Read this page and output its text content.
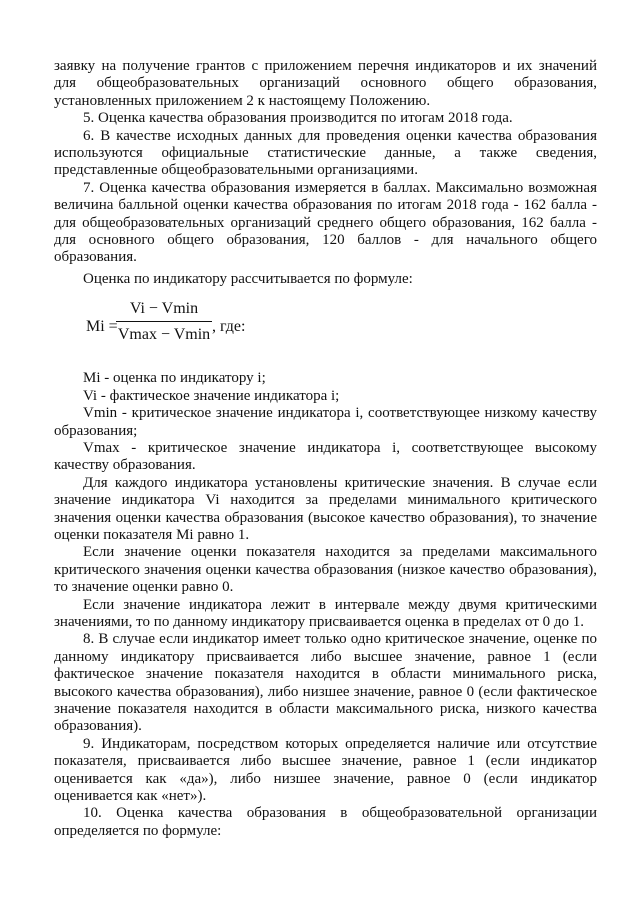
заявку на получение грантов с приложением перечня индикаторов и их значений для общеобразовательных организаций основного общего образования, установленных приложением 2 к настоящему Положению.

5. Оценка качества образования производится по итогам 2018 года.

6. В качестве исходных данных для проведения оценки качества образования используются официальные статистические данные, а также сведения, представленные общеобразовательными организациями.

7. Оценка качества образования измеряется в баллах. Максимально возможная величина балльной оценки качества образования по итогам 2018 года - 162 балла - для общеобразовательных организаций среднего общего образования, 162 балла - для основного общего образования, 120 баллов - для начального общего образования.

Оценка по индикатору рассчитывается по формуле:

Mi =
Vi − Vmin
Vmax − Vmin , где:

Mi - оценка по индикатору i;

Vi - фактическое значение индикатора i;

Vmin - критическое значение индикатора i, соответствующее низкому качеству образования;

Vmax - критическое значение индикатора i, соответствующее высокому качеству образования.

Для каждого индикатора установлены критические значения. В случае если значение индикатора Vi находится за пределами минимального критического значения оценки качества образования (высокое качество образования), то значение оценки показателя Mi равно 1.

Если значение оценки показателя находится за пределами максимального критического значения оценки качества образования (низкое качество образования), то значение оценки равно 0.

Если значение индикатора лежит в интервале между двумя критическими значениями, то по данному индикатору присваивается оценка в пределах от 0 до 1.

8. В случае если индикатор имеет только одно критическое значение, оценке по данному индикатору присваивается либо высшее значение, равное 1 (если фактическое значение показателя находится в области минимального риска, высокого качества образования), либо низшее значение, равное 0 (если фактическое значение показателя находится в области максимального риска, низкого качества образования).

9. Индикаторам, посредством которых определяется наличие или отсутствие показателя, присваивается либо высшее значение, равное 1 (если индикатор оценивается как «да»), либо низшее значение, равное 0 (если индикатор оценивается как «нет»).

10. Оценка качества образования в общеобразовательной организации определяется по формуле:
